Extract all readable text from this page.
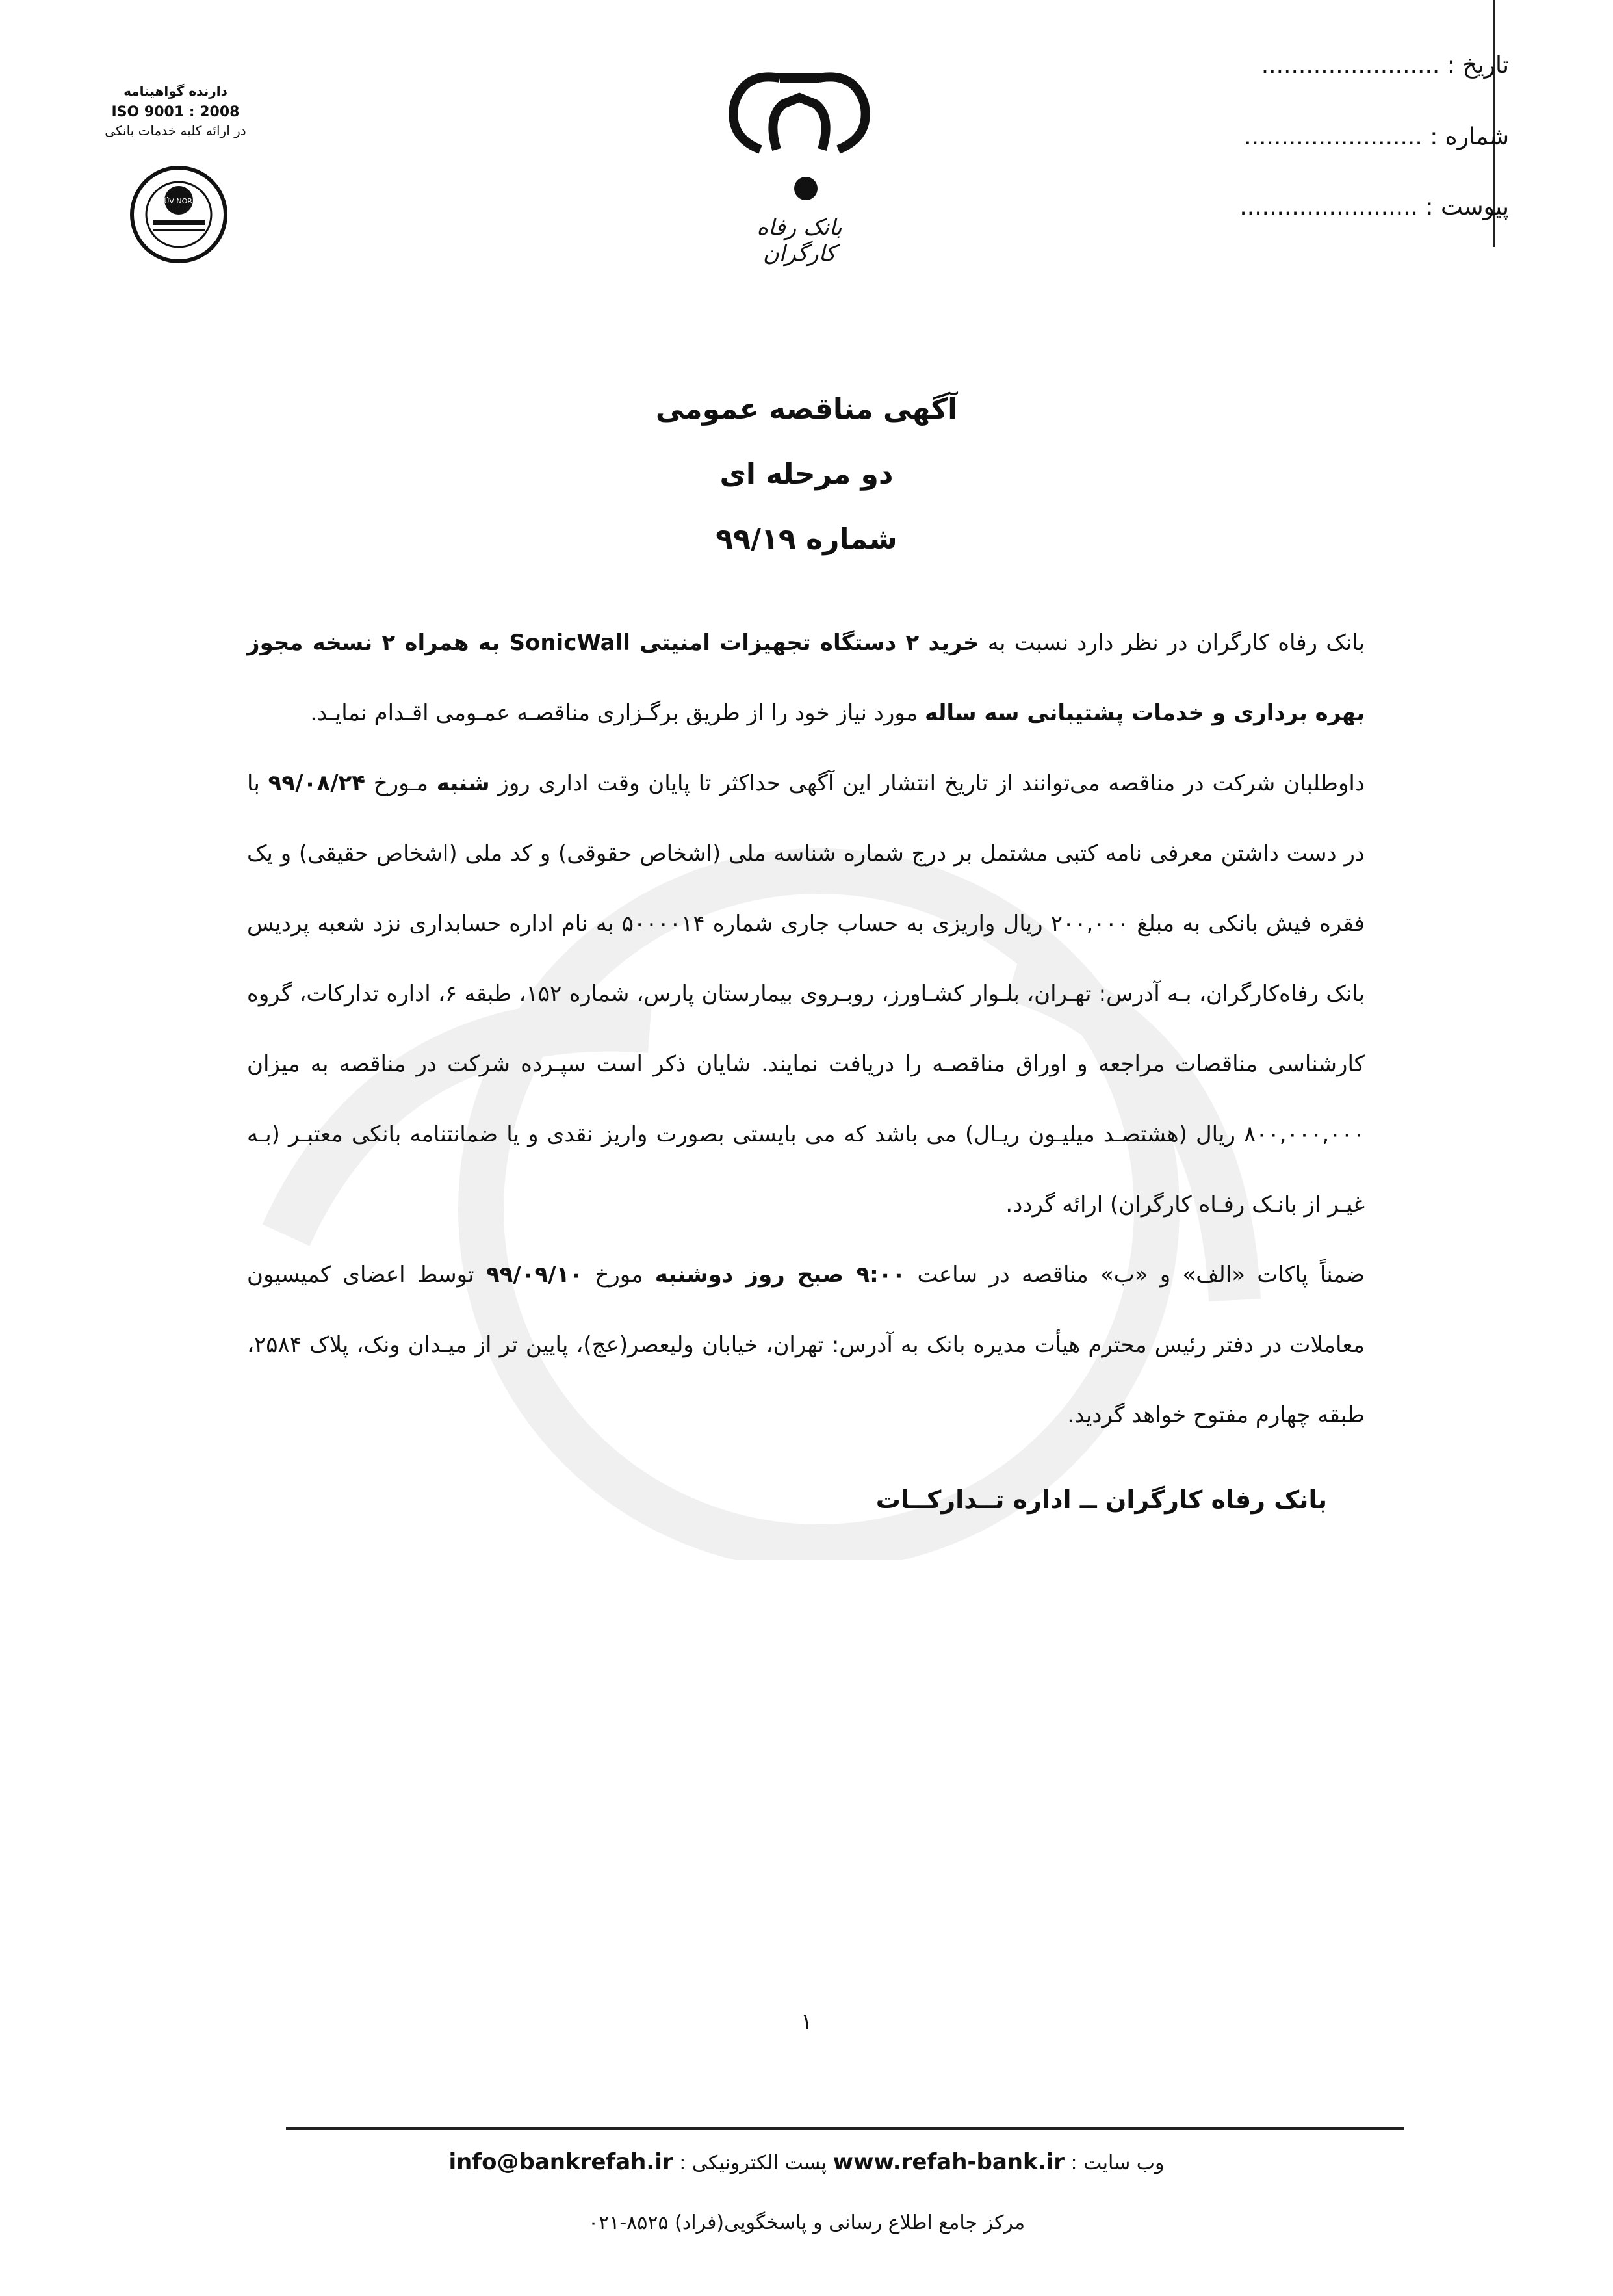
تاریخ : ........................
شماره : ........................
پیوست : ........................
دارنده گواهینامه
ISO 9001 : 2008
در ارائه کلیه خدمات بانکی
TÜV NORD
بانک رفاه کارگران
آگهی مناقصه عمومی
دو مرحله ای
شماره ۹۹/۱۹

بانک رفاه کارگران در نظر دارد نسبت به خرید ۲ دستگاه تجهیزات امنیتی SonicWall به همراه ۲ نسخه مجوز بهره برداری و خدمات پشتیبانی سه ساله مورد نیاز خود را از طریق برگـزاری مناقصـه عمـومی اقـدام نمایـد.

داوطلبان شرکت در مناقصه می‌توانند از تاریخ انتشار این آگهی حداکثر تا پایان وقت اداری روز شنبه مـورخ ۹۹/۰۸/۲۴ با در دست داشتن معرفی نامه کتبی مشتمل بر درج شماره شناسه ملی (اشخاص حقوقی) و کد ملی (اشخاص حقیقی) و یک فقره فیش بانکی به مبلغ ۲۰۰,۰۰۰ ریال واریزی به حساب جاری شماره ۵۰۰۰۰۱۴ به نام اداره حسابداری نزد شعبه پردیس بانک رفاه‌کارگران، بـه آدرس: تهـران، بلـوار کشـاورز، روبـروی بیمارستان پارس، شماره ۱۵۲، طبقه ۶، اداره تدارکات، گروه کارشناسی مناقصات مراجعه و اوراق مناقصـه را دریافت نمایند. شایان ذکر است سپـرده شرکت در مناقصه به میزان ۸۰۰,۰۰۰,۰۰۰ ریال (هشتصـد میلیـون ریـال) می باشد که می بایستی بصورت واریز نقدی و یا ضمانتنامه بانکی معتبـر (بـه غیـر از بانـک رفـاه کارگران) ارائه گردد.

ضمناً پاکات «الف» و «ب» مناقصه در ساعت ۹:۰۰ صبح روز دوشنبه مورخ ۹۹/۰۹/۱۰ توسط اعضای کمیسیون معاملات در دفتر رئیس محترم هیأت مدیره بانک به آدرس: تهران، خیابان ولیعصر(عج)، پایین تر از میـدان ونک، پلاک ۲۵۸۴، طبقه چهارم مفتوح خواهد گردید.

بانک رفاه کارگران ــ اداره تــدارکــات
۱
وب سایت : www.refah-bank.ir پست الکترونیکی : info@bankrefah.ir
مرکز جامع اطلاع رسانی و پاسخگویی(فراد) ۸۵۲۵-۰۲۱
